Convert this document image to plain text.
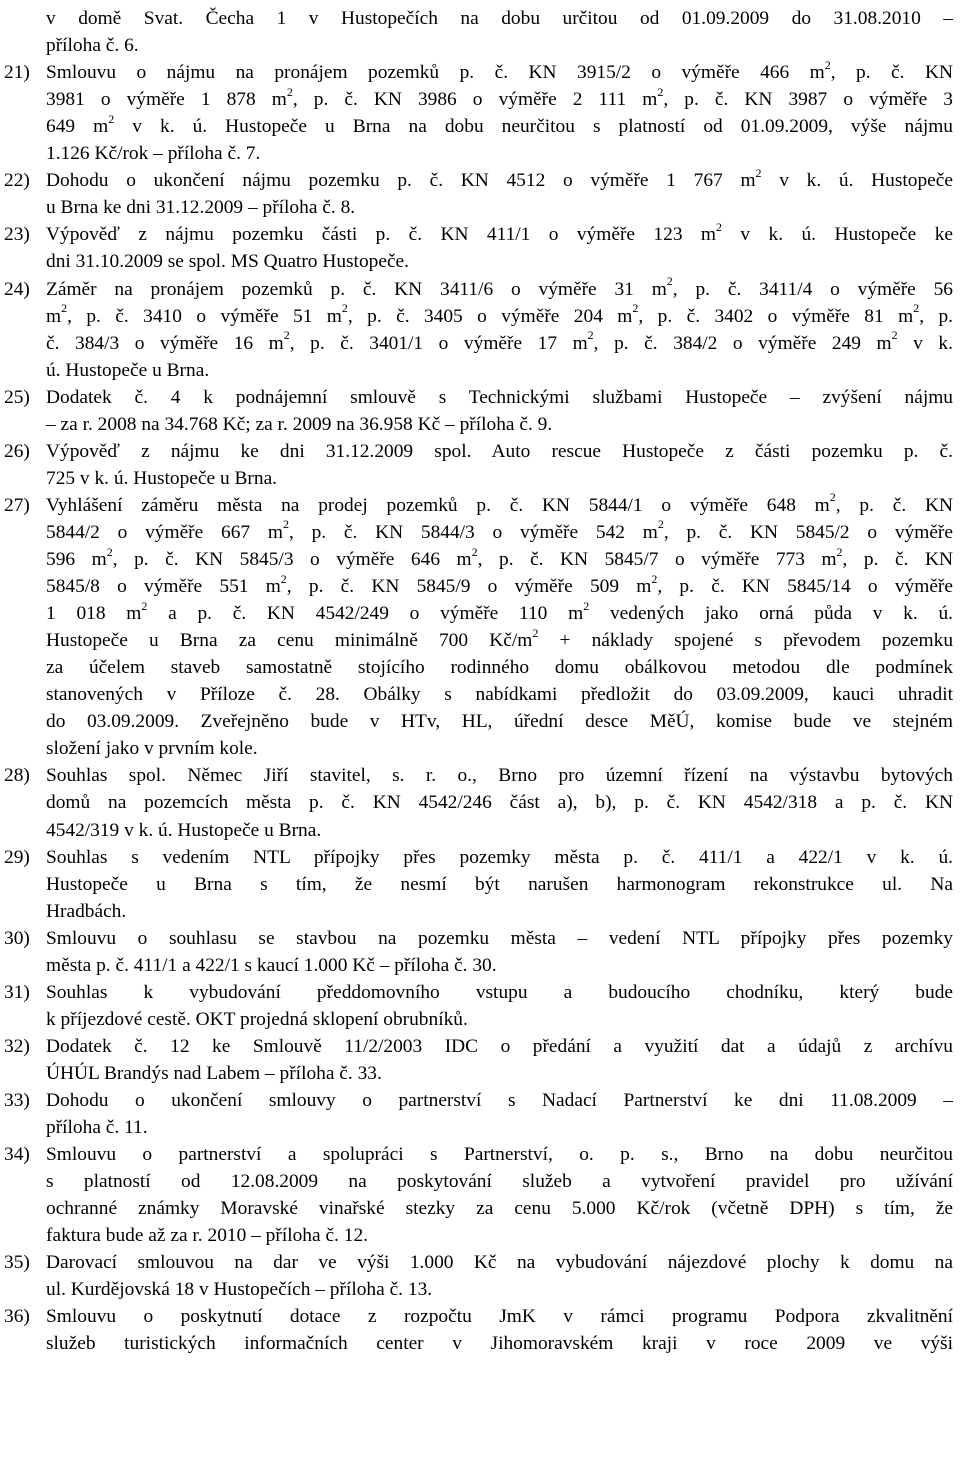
v domě Svat. Čecha 1 v Hustopečích na dobu určitou od 01.09.2009 do 31.08.2010 –
příloha č. 6.
21) Smlouvu o nájmu na pronájem pozemků p. č. KN 3915/2 o výměře 466 $m^2$, p. č. KN
3981 o výměře 1 878 $m^2$, p. č. KN 3986 o výměře 2 111 $m^2$, p. č. KN 3987 o výměře 3
649 $m^2$ v k. ú. Hustopeče u Brna na dobu neurčitou s platností od 01.09.2009, výše nájmu
1.126 Kč/rok – příloha č. 7.
22) Dohodu o ukončení nájmu pozemku p. č. KN 4512 o výměře 1 767 $m^2$ v k. ú. Hustopeče
u Brna ke dni 31.12.2009 – příloha č. 8.
23) Výpověď z nájmu pozemku části p. č. KN 411/1 o výměře 123 $m^2$ v k. ú. Hustopeče ke
dni 31.10.2009 se spol. MS Quatro Hustopeče.
24) Záměr na pronájem pozemků p. č. KN 3411/6 o výměře 31 $m^2$, p. č. 3411/4 o výměře 56
$m^2$, p. č. 3410 o výměře 51 $m^2$, p. č. 3405 o výměře 204 $m^2$, p. č. 3402 o výměře 81 $m^2$, p.
č. 384/3 o výměře 16 $m^2$, p. č. 3401/1 o výměře 17 $m^2$, p. č. 384/2 o výměře 249 $m^2$ v k.
ú. Hustopeče u Brna.
25) Dodatek č. 4 k podnájemní smlouvě s Technickými službami Hustopeče – zvýšení nájmu
– za r. 2008 na 34.768 Kč; za r. 2009 na 36.958 Kč – příloha č. 9.
26) Výpověď z nájmu ke dni 31.12.2009 spol. Auto rescue Hustopeče z části pozemku p. č.
725 v k. ú. Hustopeče u Brna.
27) Vyhlášení záměru města na prodej pozemků p. č. KN 5844/1 o výměře 648 $m^2$, p. č. KN
5844/2 o výměře 667 $m^2$, p. č. KN 5844/3 o výměře 542 $m^2$, p. č. KN 5845/2 o výměře
596 $m^2$, p. č. KN 5845/3 o výměře 646 $m^2$, p. č. KN 5845/7 o výměře 773 $m^2$, p. č. KN
5845/8 o výměře 551 $m^2$, p. č. KN 5845/9 o výměře 509 $m^2$, p. č. KN 5845/14 o výměře
1 018 $m^2$ a p. č. KN 4542/249 o výměře 110 $m^2$ vedených jako orná půda v k. ú.
Hustopeče u Brna za cenu minimálně 700 $Kč/m^2$ + náklady spojené s převodem pozemku
za účelem staveb samostatně stojícího rodinného domu obálkovou metodou dle podmínek
stanovených v Příloze č. 28. Obálky s nabídkami předložit do 03.09.2009, kauci uhradit
do 03.09.2009. Zveřejněno bude v HTv, HL, úřední desce MěÚ, komise bude ve stejném
složení jako v prvním kole.
28) Souhlas spol. Němec Jiří stavitel, s. r. o., Brno pro územní řízení na výstavbu bytových
domů na pozemcích města p. č. KN 4542/246 část a), b), p. č. KN 4542/318 a p. č. KN
4542/319 v k. ú. Hustopeče u Brna.
29) Souhlas s vedením NTL přípojky přes pozemky města p. č. 411/1 a 422/1 v k. ú.
Hustopeče u Brna s tím, že nesmí být narušen harmonogram rekonstrukce ul. Na
Hradbách.
30) Smlouvu o souhlasu se stavbou na pozemku města – vedení NTL přípojky přes pozemky
města p. č. 411/1 a 422/1 s kaucí 1.000 Kč – příloha č. 30.
31) Souhlas k vybudování předdomovního vstupu a budoucího chodníku, který bude
k příjezdové cestě. OKT projedná sklopení obrubníků.
32) Dodatek č. 12 ke Smlouvě 11/2/2003 IDC o předání a využití dat a údajů z archívu
ÚHÚL Brandýs nad Labem – příloha č. 33.
33) Dohodu o ukončení smlouvy o partnerství s Nadací Partnerství ke dni 11.08.2009 –
příloha č. 11.
34) Smlouvu o partnerství a spolupráci s Partnerství, o. p. s., Brno na dobu neurčitou
s platností od 12.08.2009 na poskytování služeb a vytvoření pravidel pro užívání
ochranné známky Moravské vinařské stezky za cenu 5.000 Kč/rok (včetně DPH) s tím, že
faktura bude až za r. 2010 – příloha č. 12.
35) Darovací smlouvou na dar ve výši 1.000 Kč na vybudování nájezdové plochy k domu na
ul. Kurdějovská 18 v Hustopečích – příloha č. 13.
36) Smlouvu o poskytnutí dotace z rozpočtu JmK v rámci programu Podpora zkvalitnění
služeb turistických informačních center v Jihomoravském kraji v roce 2009 ve výši
